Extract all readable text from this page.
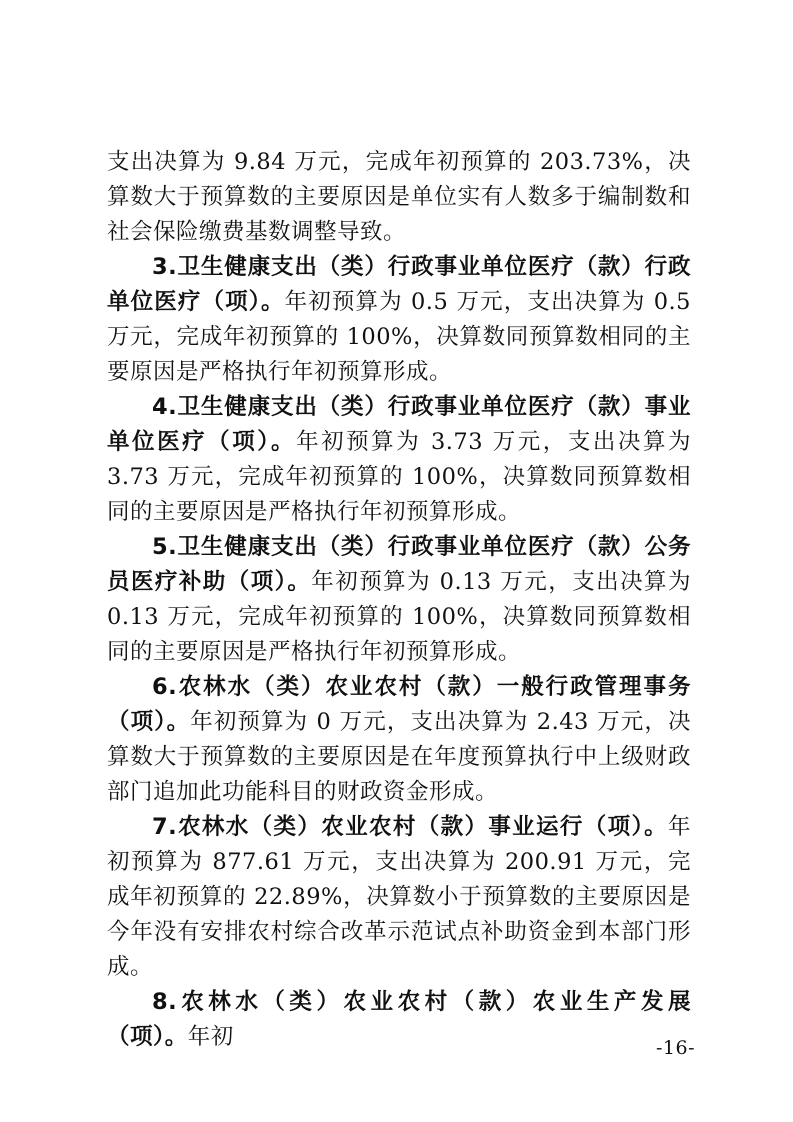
支出决算为 9.84 万元，完成年初预算的 203.73%，决算数大于预算数的主要原因是单位实有人数多于编制数和社会保险缴费基数调整导致。

3.卫生健康支出（类）行政事业单位医疗（款）行政单位医疗（项）。年初预算为 0.5 万元，支出决算为 0.5 万元，完成年初预算的 100%，决算数同预算数相同的主要原因是严格执行年初预算形成。

4.卫生健康支出（类）行政事业单位医疗（款）事业单位医疗（项）。年初预算为 3.73 万元，支出决算为 3.73 万元，完成年初预算的 100%，决算数同预算数相同的主要原因是严格执行年初预算形成。

5.卫生健康支出（类）行政事业单位医疗（款）公务员医疗补助（项）。年初预算为 0.13 万元，支出决算为 0.13 万元，完成年初预算的 100%，决算数同预算数相同的主要原因是严格执行年初预算形成。

6.农林水（类）农业农村（款）一般行政管理事务（项）。年初预算为 0 万元，支出决算为 2.43 万元，决算数大于预算数的主要原因是在年度预算执行中上级财政部门追加此功能科目的财政资金形成。

7.农林水（类）农业农村（款）事业运行（项）。年初预算为 877.61 万元，支出决算为 200.91 万元，完成年初预算的 22.89%，决算数小于预算数的主要原因是今年没有安排农村综合改革示范试点补助资金到本部门形成。

8.农林水（类）农业农村（款）农业生产发展（项）。年初	-16-
